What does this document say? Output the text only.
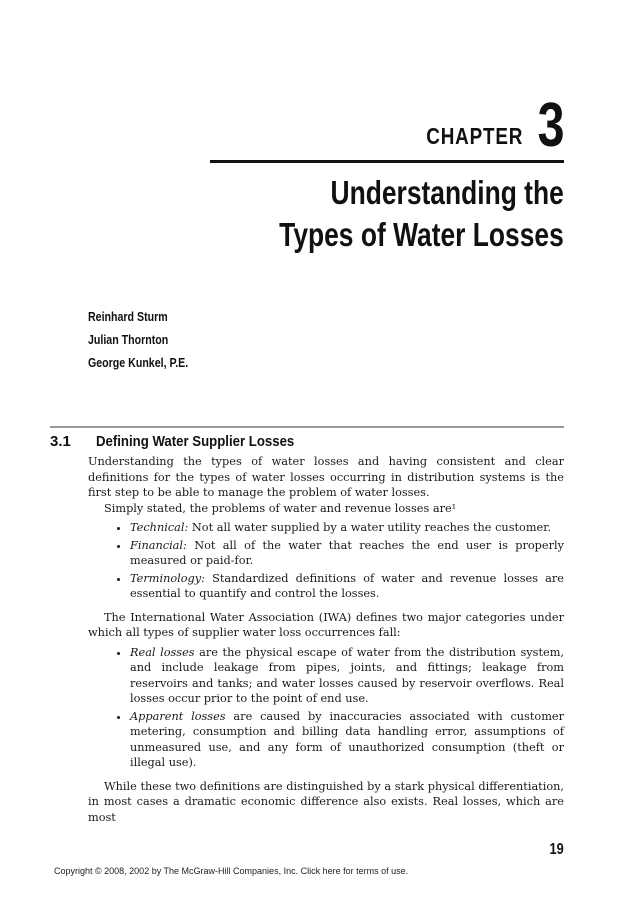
CHAPTER 3
Understanding the
Types of Water Losses
Reinhard Sturm
Julian Thornton
George Kunkel, P.E.
3.1 Defining Water Supplier Losses

Understanding the types of water losses and having consistent and clear definitions for the types of water losses occurring in distribution systems is the first step to be able to manage the problem of water losses.

Simply stated, the problems of water and revenue losses are¹

• Technical: Not all water supplied by a water utility reaches the customer.
• Financial: Not all of the water that reaches the end user is properly measured or paid-for.
• Terminology: Standardized definitions of water and revenue losses are essential to quantify and control the losses.

The International Water Association (IWA) defines two major categories under which all types of supplier water loss occurrences fall:

• Real losses are the physical escape of water from the distribution system, and include leakage from pipes, joints, and fittings; leakage from reservoirs and tanks; and water losses caused by reservoir overflows. Real losses occur prior to the point of end use.
• Apparent losses are caused by inaccuracies associated with customer metering, consumption and billing data handling error, assumptions of unmeasured use, and any form of unauthorized consumption (theft or illegal use).

While these two definitions are distinguished by a stark physical differentiation, in most cases a dramatic economic difference also exists. Real losses, which are most

19
Copyright © 2008, 2002 by The McGraw-Hill Companies, Inc. Click here for terms of use.
